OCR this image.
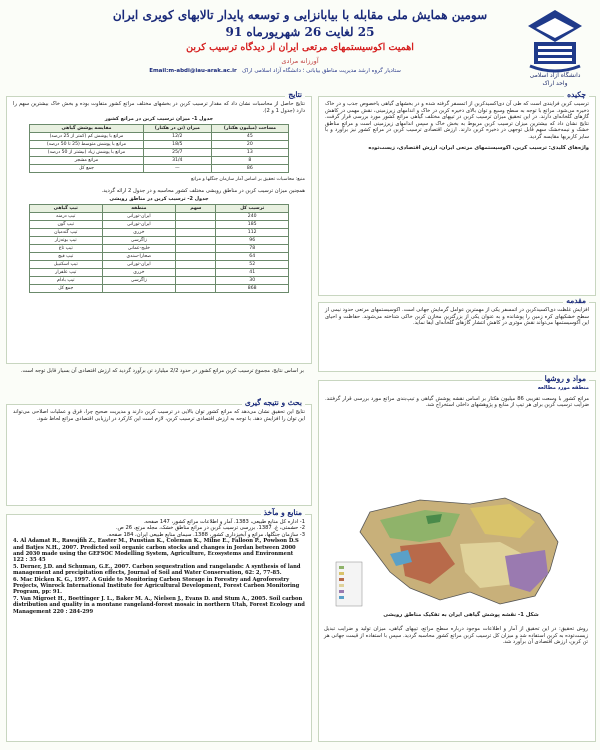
دانشگاه آزاد اسلامی
واحد اراک
سومین همایش ملی مقابله با بیابانزایی و توسعه پایدار تالابهای کویری ایران
25 لغایت 26 شهریورماه 91
اهمیت اکوسیستمهای مرتعی ایران از دیدگاه ترسیب کربن
آورزانه مرادی
ستادیار گروه ارشد مدیریت مناطق بیابانی ؛ دانشگاه آزاد اسلامی اراک   Email:m-abdi@iau-arak.ac.ir
چکیده
ترسیب کربن فرایندی است که طی آن دی‌اکسیدکربن از اتمسفر گرفته شده و در بخشهای گیاهی یاخصوص جذب و در خاک ذخیره می‌شود. مراتع با توجه به سطح وسیع و توان بالای ذخیره کربن در خاک و اندامهای زیرزمینی، نقش مهمی در کاهش گازهای گلخانه‌ای دارند. در این تحقیق میزان ترسیب کربن در تیپهای مختلف گیاهی مراتع کشور مورد بررسی قرار گرفت. نتایج نشان داد که بیشترین میزان ترسیب کربن مربوط به بخش خاک و سپس اندامهای زیرزمینی است و مراتع مناطق خشک و نیمه‌خشک سهم قابل توجهی در ذخیره کربن دارند. ارزش اقتصادی ترسیب کربن در مراتع کشور نیز برآورد و با سایر کاربریها مقایسه گردید.
واژه‌های کلیدی: ترسیب کربن، اکوسیستمهای مرتعی ایران، ارزش اقتصادی، زیست‌توده
مقدمه
افزایش غلظت دی‌اکسیدکربن در اتمسفر یکی از مهمترین عوامل گرمایش جهانی است. اکوسیستمهای مرتعی حدود نیمی از سطح خشکیهای کره زمین را پوشانده و به عنوان یکی از بزرگترین مخازن کربن خاکی شناخته می‌شوند. حفاظت و احیای این اکوسیستمها می‌تواند نقش موثری در کاهش انتشار گازهای گلخانه‌ای ایفا نماید.
مواد و روشها
منطقه مورد مطالعه
مراتع کشور با وسعت تقریبی 86 میلیون هکتار بر اساس نقشه پوشش گیاهی و تیپ‌بندی مراتع مورد بررسی قرار گرفتند. ضرایب ترسیب کربن برای هر تیپ از منابع و پژوهشهای داخلی استخراج شد.
شکل 1- نقشه پوشش گیاهی ایران به تفکیک مناطق رویشی
روش تحقیق: در این تحقیق از آمار و اطلاعات موجود درباره سطح مراتع، تیپهای گیاهی، میزان تولید و ضرایب تبدیل زیست‌توده به کربن استفاده شد و میزان کل ترسیب کربن مراتع کشور محاسبه گردید. سپس با استفاده از قیمت جهانی هر تن کربن، ارزش اقتصادی آن برآورد شد.
نتایج
نتایج حاصل از محاسبات نشان داد که مقدار ترسیب کربن در بخشهای مختلف مراتع کشور متفاوت بوده و بخش خاک بیشترین سهم را دارد (جدول 1 و 2).
جدول 1- میزان ترسیب کربن در مراتع کشور
مساحت (میلیون هکتار)	میزان (تن در هکتار)	مقایسه پوشش گیاهی
45	12/2	مراتع با پوشش کم (کمتر از 25 درصد)
20	18/5	مراتع با پوشش متوسط (25 تا 50 درصد)
13	25/7	مراتع با پوشش زیاد (بیشتر از 50 درصد)
8	31/4	مراتع مشجر
86	—	جمع کل
منبع: محاسبات تحقیق بر اساس آمار سازمان جنگلها و مراتع
همچنین میزان ترسیب کربن در مناطق رویشی مختلف کشور محاسبه و در جدول 2 ارائه گردید.
جدول 2- ترسیب کربن در مناطق رویشی
ترسیب کل	سهم	منطقه	تیپ گیاهی
240		ایران-تورانی	تیپ درمنه
185		ایران-تورانی	تیپ گون
112		خزری	تیپ گندمیان
96		زاگرسی	تیپ بوته‌زار
78		خلیج-عمانی	تیپ تاغ
64		صحارا-سندی	تیپ قیچ
52		ایران-تورانی	تیپ اسکنبیل
41		خزری	تیپ علفزار
30		زاگرسی	تیپ بادام
868			جمع کل
بر اساس نتایج، مجموع ترسیب کربن مراتع کشور در حدود 2/2 میلیارد تن برآورد گردید که ارزش اقتصادی آن بسیار قابل توجه است.
بحث و نتیجه گیری
نتایج این تحقیق نشان می‌دهد که مراتع کشور توان بالایی در ترسیب کربن دارند و مدیریت صحیح چرا، قرق و عملیات اصلاحی می‌تواند این توان را افزایش دهد. با توجه به ارزش اقتصادی ترسیب کربن، لازم است این کارکرد در ارزیابی اقتصادی مراتع لحاظ شود.
منابع و مآخذ
1- اداره کل منابع طبیعی، 1383. آمار و اطلاعات مراتع کشور، 147 صفحه.
2- حشمتی، غ. 1387. بررسی ترسیب کربن در مراتع مناطق خشک، مجله مرتع، 26 ص.
3- سازمان جنگلها، مراتع و آبخیزداری کشور، 1388. سیمای منابع طبیعی ایران، 184 صفحه.
4. Al Adamat R., Rawajfih Z., Easter M., Paustian K., Coleman K., Milne E., Falloon P., Powlson D.S and Batjes N.H., 2007. Predicted soil organic carbon stocks and changes in Jordan between 2000 and 2030 made using the GEFSOC Modelling System, Agriculture, Ecosystems and Environment 122 : 35 45
5. Derner, J.D. and Schuman, G.E., 2007. Carbon sequestration and rangelands: A synthesis of land management and precipitation effects, Journal of Soil and Water Conservation, 62: 2, 77-85.
6. Mac Dicken K. G., 1997. A Guide to Monitoring Carbon Storage in Forestry and Agroforestry Projects, Winrock International Institute for Agricultural Development, Forest Carbon Monitoring Program, pp: 91.
7. Van Migroet H., Boettinger J. L., Baker M. A., Nielsen J., Evans D. and Stum A., 2005. Soil carbon distribution and quality in a montane rangeland-forest mosaic in northern Utah, Forest Ecology and Management 220 : 284-299
